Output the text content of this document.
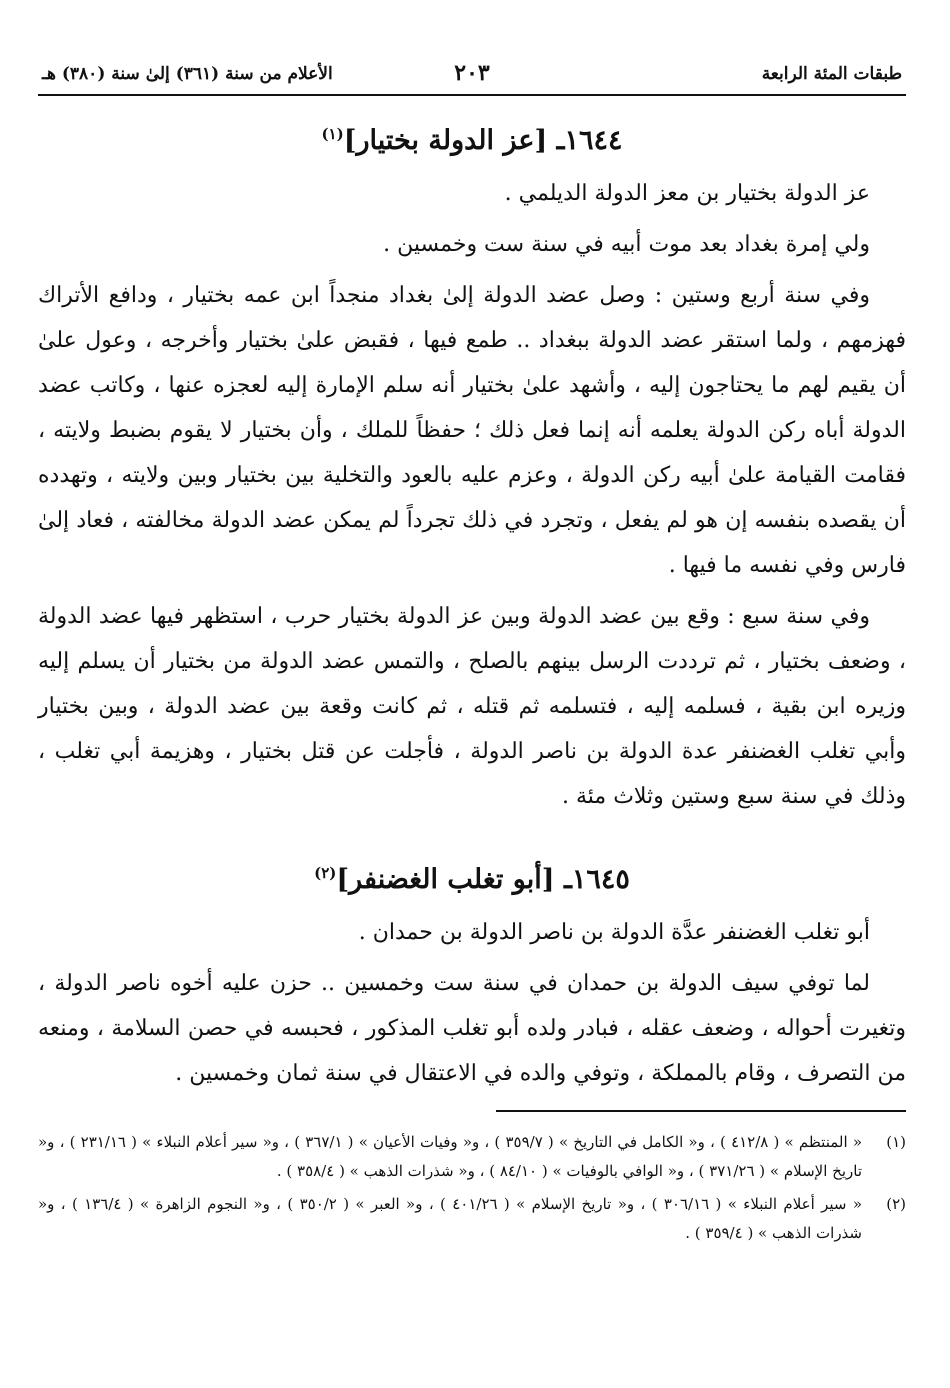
طبقات المئة الرابعة
٢٠٣
الأعلام من سنة (٣٦١) إلىٰ سنة (٣٨٠) هـ
١٦٤٤ـ [عز الدولة بختيار]$^{(١)}$

عز الدولة بختيار بن معز الدولة الديلمي .

ولي إمرة بغداد بعد موت أبيه في سنة ست وخمسين .

وفي سنة أربع وستين : وصل عضد الدولة إلىٰ بغداد منجداً ابن عمه بختيار ، ودافع الأتراك فهزمهم ، ولما استقر عضد الدولة ببغداد .. طمع فيها ، فقبض علىٰ بختيار وأخرجه ، وعول علىٰ أن يقيم لهم ما يحتاجون إليه ، وأشهد علىٰ بختيار أنه سلم الإمارة إليه لعجزه عنها ، وكاتب عضد الدولة أباه ركن الدولة يعلمه أنه إنما فعل ذلك ؛ حفظاً للملك ، وأن بختيار لا يقوم بضبط ولايته ، فقامت القيامة علىٰ أبيه ركن الدولة ، وعزم عليه بالعود والتخلية بين بختيار وبين ولايته ، وتهدده أن يقصده بنفسه إن هو لم يفعل ، وتجرد في ذلك تجرداً لم يمكن عضد الدولة مخالفته ، فعاد إلىٰ فارس وفي نفسه ما فيها .

وفي سنة سبع : وقع بين عضد الدولة وبين عز الدولة بختيار حرب ، استظهر فيها عضد الدولة ، وضعف بختيار ، ثم ترددت الرسل بينهم بالصلح ، والتمس عضد الدولة من بختيار أن يسلم إليه وزيره ابن بقية ، فسلمه إليه ، فتسلمه ثم قتله ، ثم كانت وقعة بين عضد الدولة ، وبين بختيار وأبي تغلب الغضنفر عدة الدولة بن ناصر الدولة ، فأجلت عن قتل بختيار ، وهزيمة أبي تغلب ، وذلك في سنة سبع وستين وثلاث مئة .

١٦٤٥ـ [أبو تغلب الغضنفر]$^{(٢)}$

أبو تغلب الغضنفر عدَّة الدولة بن ناصر الدولة بن حمدان .

لما توفي سيف الدولة بن حمدان في سنة ست وخمسين .. حزن عليه أخوه ناصر الدولة ، وتغيرت أحواله ، وضعف عقله ، فبادر ولده أبو تغلب المذكور ، فحبسه في حصن السلامة ، ومنعه من التصرف ، وقام بالمملكة ، وتوفي والده في الاعتقال في سنة ثمان وخمسين .

(١)
« المنتظم » ( ٤١٢/٨ ) ، و« الكامل في التاريخ » ( ٣٥٩/٧ ) ، و« وفيات الأعيان » ( ٣٦٧/١ ) ، و« سير أعلام النبلاء » ( ٢٣١/١٦ ) ، و« تاريخ الإسلام » ( ٣٧١/٢٦ ) ، و« الوافي بالوفيات » ( ٨٤/١٠ ) ، و« شذرات الذهب » ( ٣٥٨/٤ ) .
(٢)
« سير أعلام النبلاء » ( ٣٠٦/١٦ ) ، و« تاريخ الإسلام » ( ٤٠١/٢٦ ) ، و« العبر » ( ٣٥٠/٢ ) ، و« النجوم الزاهرة » ( ١٣٦/٤ ) ، و« شذرات الذهب » ( ٣٥٩/٤ ) .
